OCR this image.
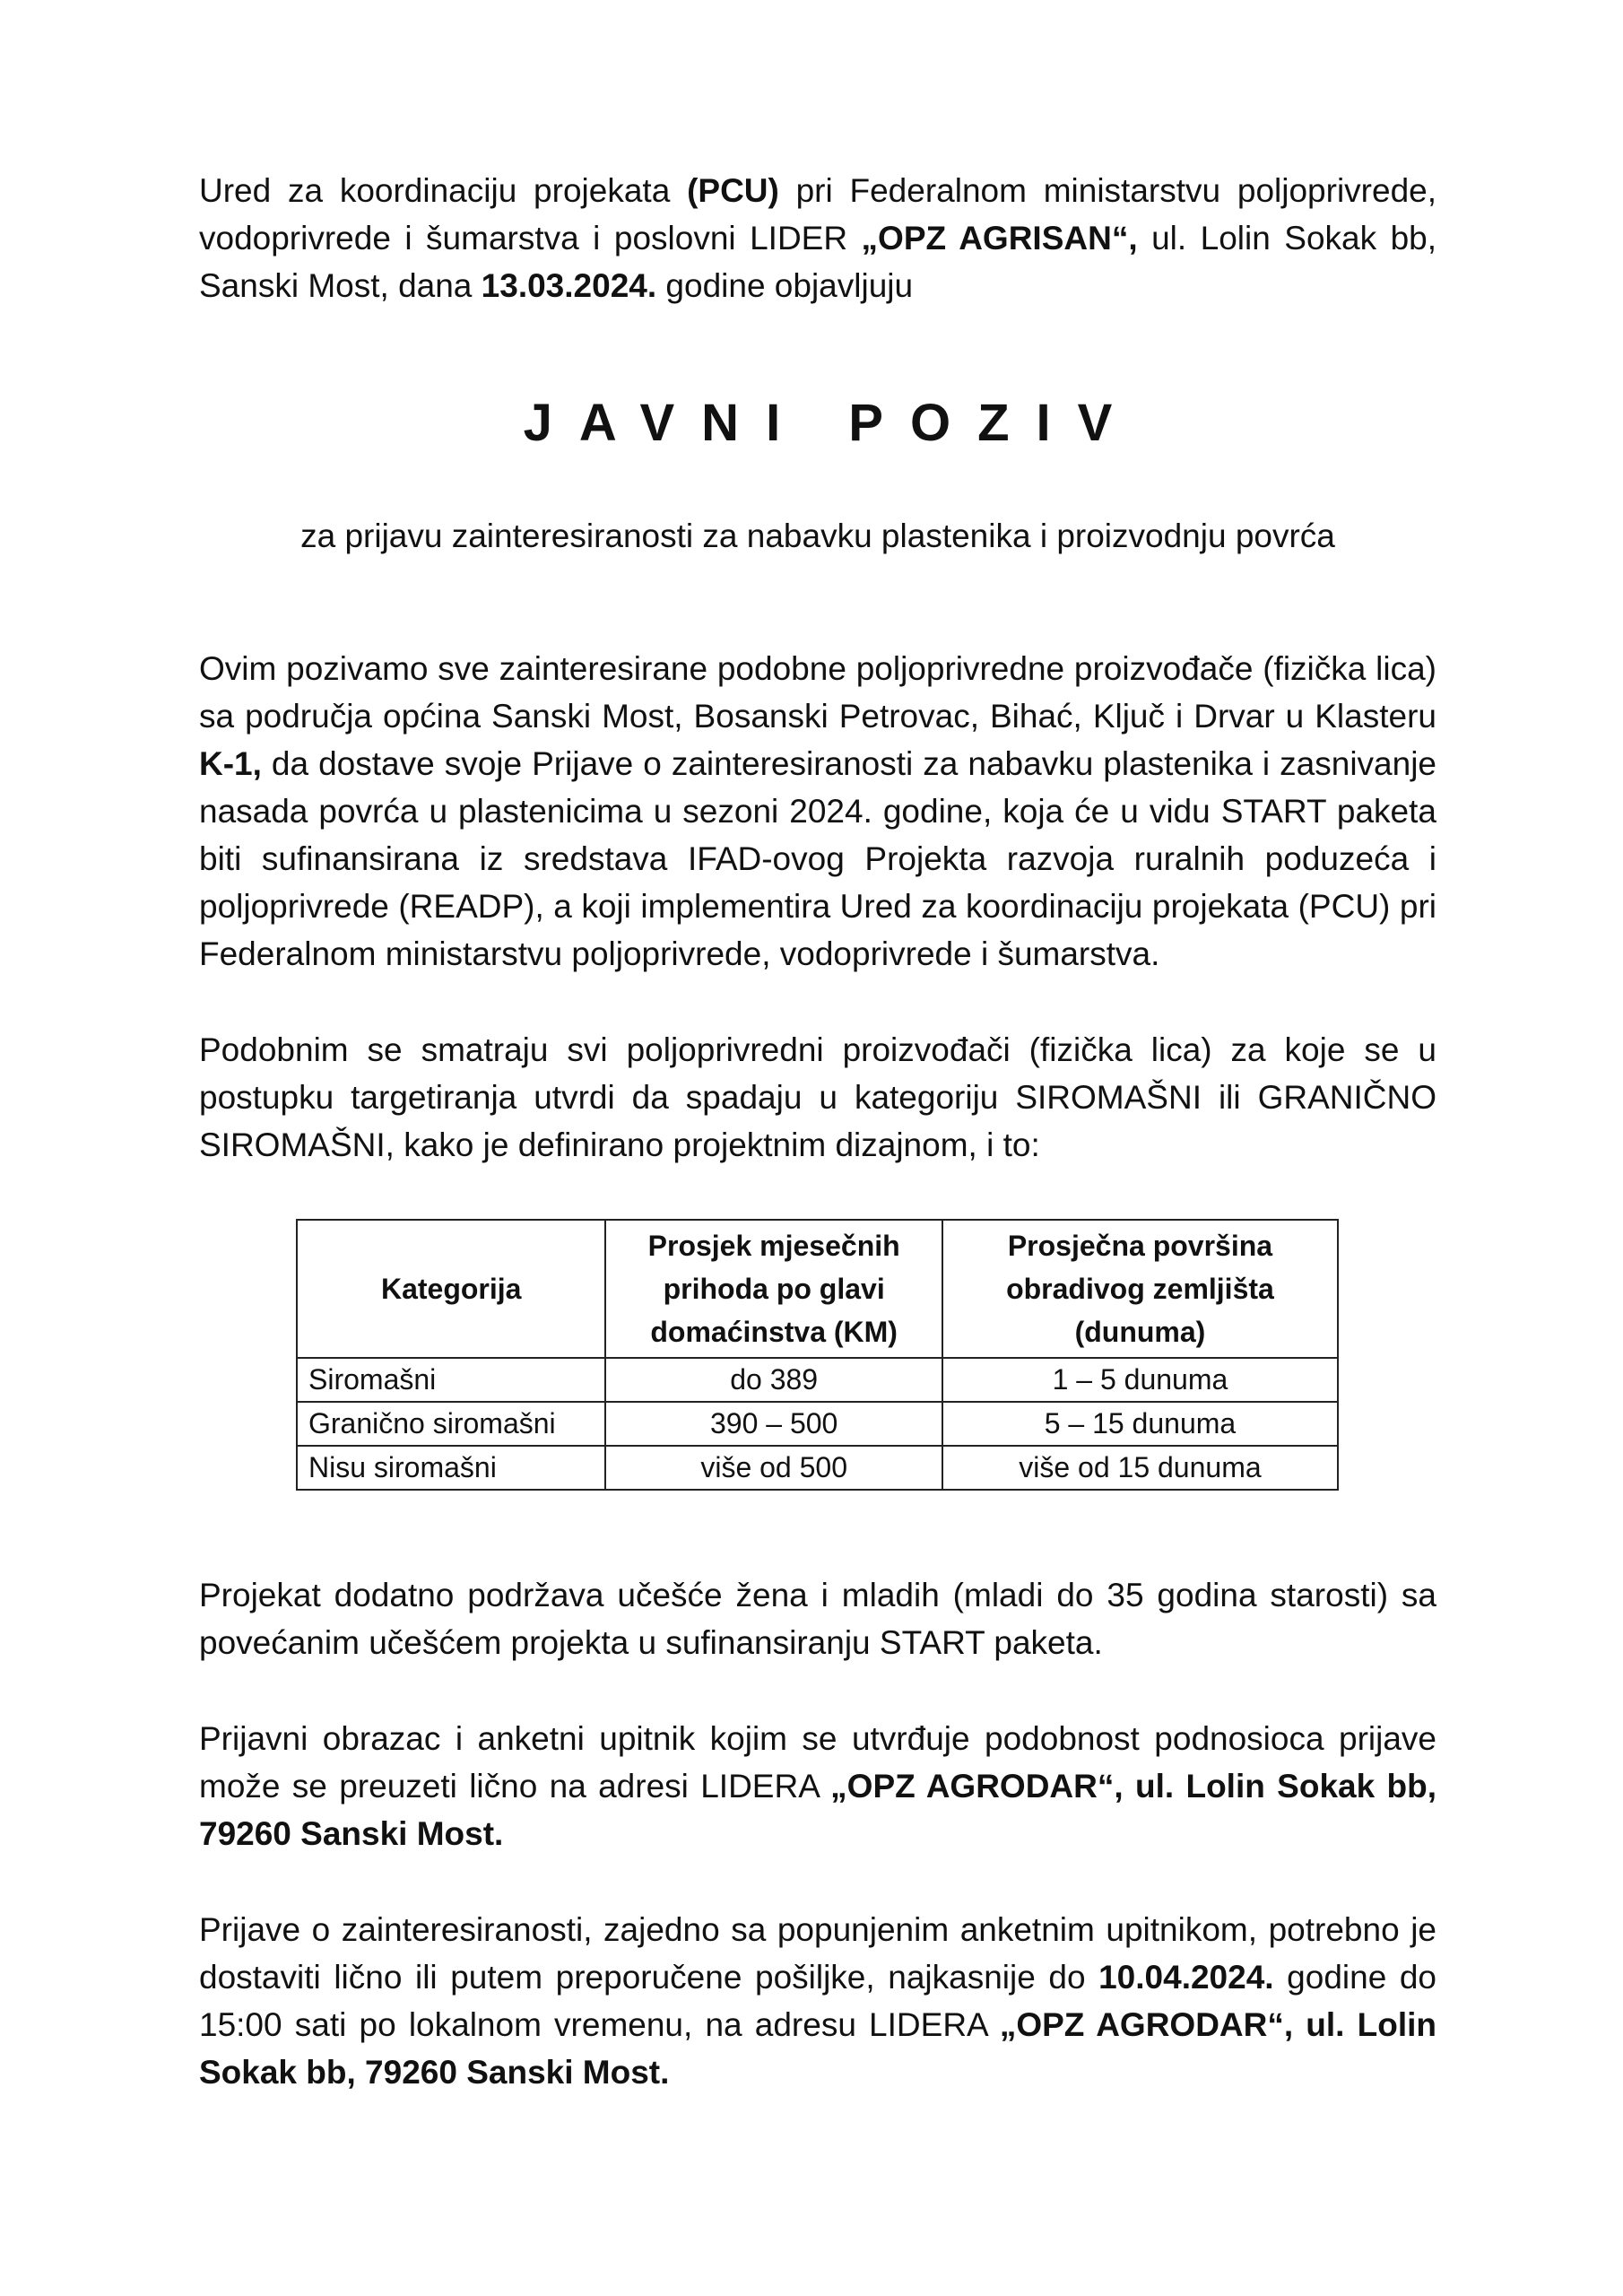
Ured za koordinaciju projekata (PCU) pri Federalnom ministarstvu poljoprivrede, vodoprivrede i šumarstva i poslovni LIDER „OPZ AGRISAN“, ul. Lolin Sokak bb, Sanski Most, dana 13.03.2024. godine objavljuju

JAVNI POZIV
za prijavu zainteresiranosti za nabavku plastenika i proizvodnju povrća

Ovim pozivamo sve zainteresirane podobne poljoprivredne proizvođače (fizička lica) sa područja općina Sanski Most, Bosanski Petrovac, Bihać, Ključ i Drvar u Klasteru K-1, da dostave svoje Prijave o zainteresiranosti za nabavku plastenika i zasnivanje nasada povrća u plastenicima u sezoni 2024. godine, koja će u vidu START paketa biti sufinansirana iz sredstava IFAD-ovog Projekta razvoja ruralnih poduzeća i poljoprivrede (READP), a koji implementira Ured za koordinaciju projekata (PCU) pri Federalnom ministarstvu poljoprivrede, vodoprivrede i šumarstva.

Podobnim se smatraju svi poljoprivredni proizvođači (fizička lica) za koje se u postupku targetiranja utvrdi da spadaju u kategoriju SIROMAŠNI ili GRANIČNO SIROMAŠNI, kako je definirano projektnim dizajnom, i to:

Kategorija	Prosjek mjesečnih prihoda po glavi domaćinstva (KM)	Prosječna površina obradivog zemljišta (dunuma)
Siromašni	do 389	1 – 5 dunuma
Granično siromašni	390 – 500	5 – 15 dunuma
Nisu siromašni	više od 500	više od 15 dunuma

Projekat dodatno podržava učešće žena i mladih (mladi do 35 godina starosti) sa povećanim učešćem projekta u sufinansiranju START paketa.

Prijavni obrazac i anketni upitnik kojim se utvrđuje podobnost podnosioca prijave može se preuzeti lično na adresi LIDERA „OPZ AGRODAR“, ul. Lolin Sokak bb, 79260 Sanski Most.

Prijave o zainteresiranosti, zajedno sa popunjenim anketnim upitnikom, potrebno je dostaviti lično ili putem preporučene pošiljke, najkasnije do 10.04.2024. godine do 15:00 sati po lokalnom vremenu, na adresu LIDERA „OPZ AGRODAR“, ul. Lolin Sokak bb, 79260 Sanski Most.
